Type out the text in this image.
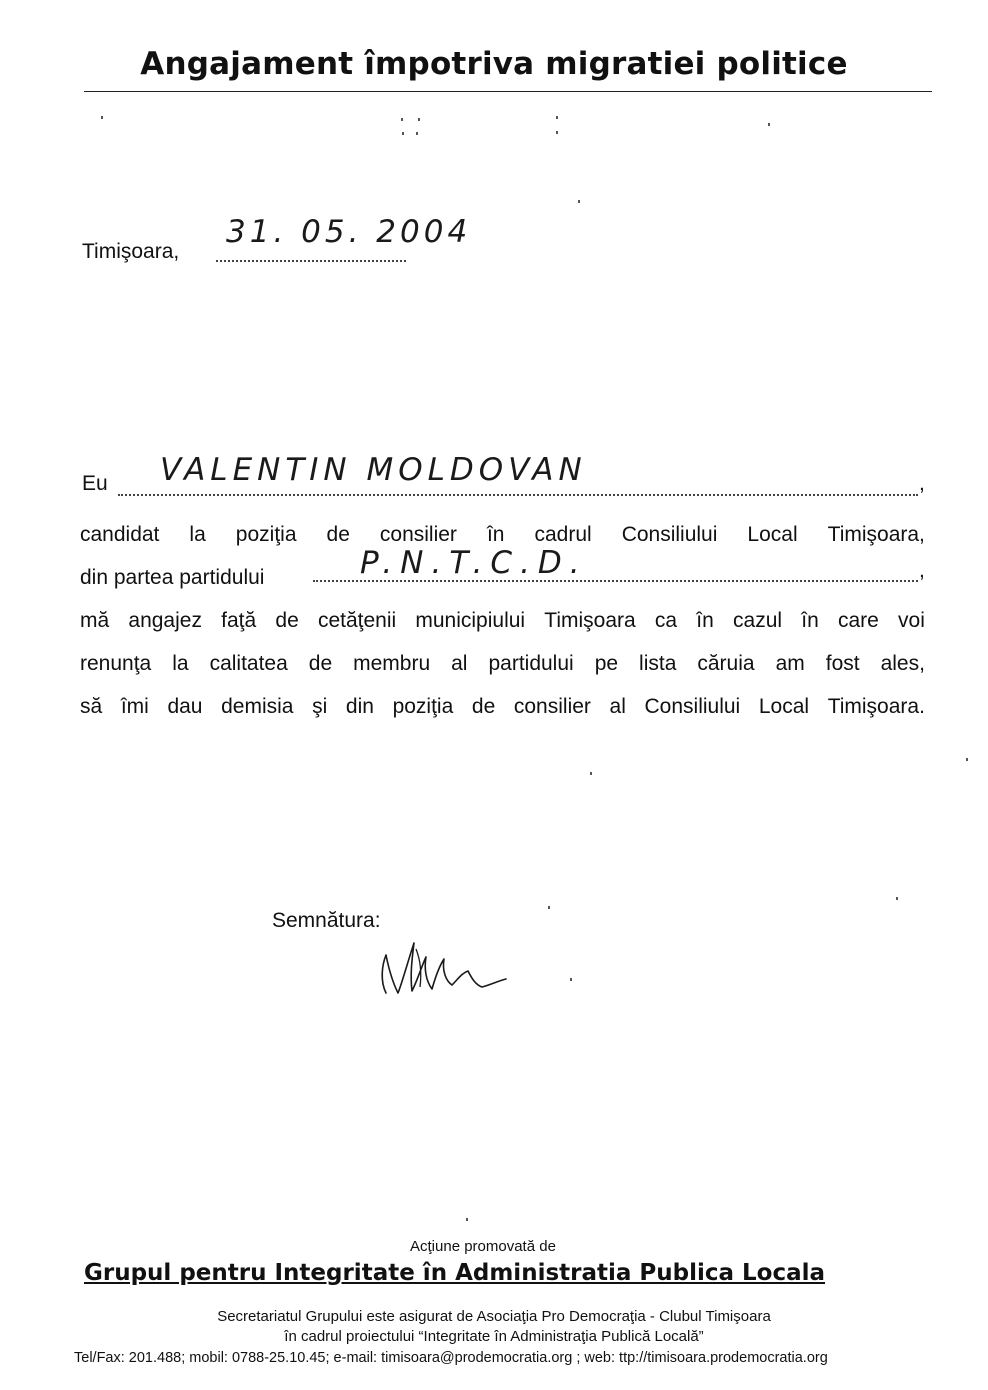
Angajament împotriva migratiei politice
Timişoara,
31. 05. 2004
Eu	,
VALENTIN MOLDOVAN
candidat la poziţia de consilier în cadrul Consiliului Local Timişoara,
din partea partidului
mă angajez faţă de cetăţenii municipiului Timişoara ca în cazul în care voi
renunţa la calitatea de membru al partidului pe lista căruia am fost ales,
să îmi dau demisia şi din poziţia de consilier al Consiliului Local Timişoara.
,
P.N.T.C.D.
Semnătura:
Acţiune promovată de
Grupul pentru Integritate în Administratia Publica Locala
Secretariatul Grupului este asigurat de Asociaţia Pro Democraţia - Clubul Timişoara
în cadrul proiectului “Integritate în Administraţia Publică Locală”
Tel/Fax: 201.488; mobil: 0788-25.10.45; e-mail: timisoara@prodemocratia.org ; web: ttp://timisoara.prodemocratia.org
